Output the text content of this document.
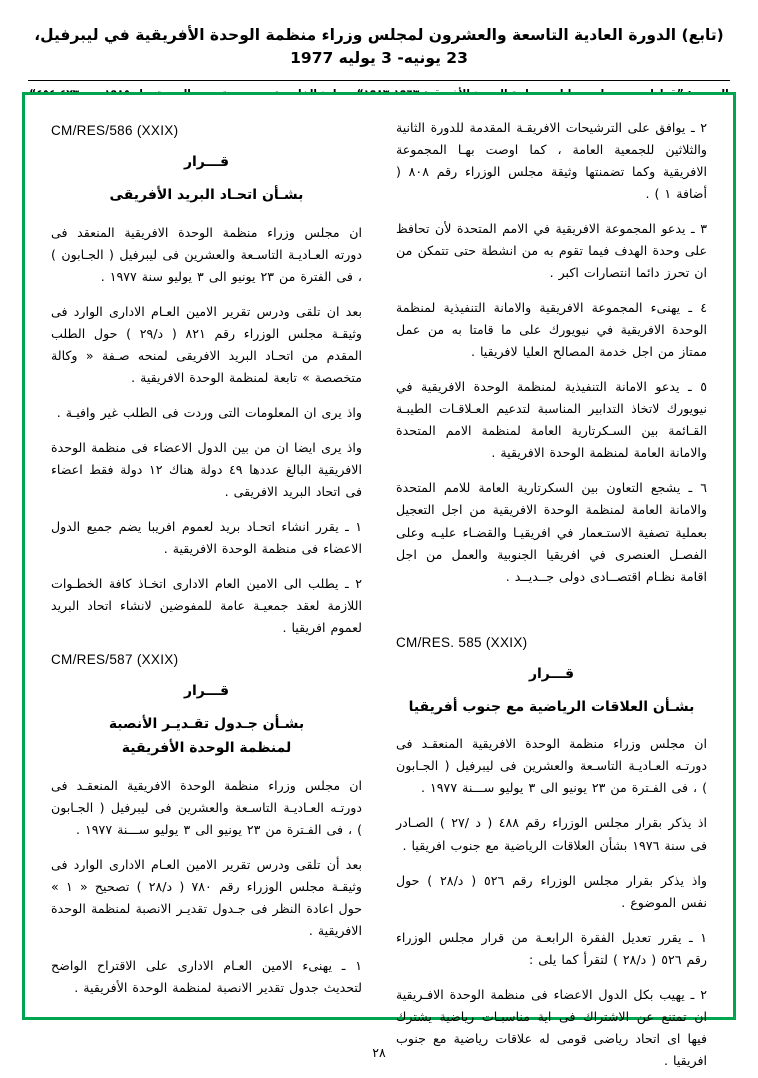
(تابع) الدورة العادية التاسعة والعشرون لمجلس وزراء منظمة الوحدة الأفريقية في ليبرفيل، 23 يونيه- 3 يوليه 1977

٢ ـ يوافق على الترشيحات الافريقـة المقدمة للدورة الثانية والثلاثين للجمعية العامة ، كما اوصت بهـا المجموعة الافريقية وكما تضمنتها وثيقة مجلس الوزراء رقم ٨٠٨ ( أضافة ١ ) .

٣ ـ يدعو المجموعة الافريقية في الامم المتحدة لأن تحافظ على وحدة الهدف فيما تقوم به من انشطة حتى تتمكن من ان تحرز دائما انتصارات اكبر .

٤ ـ يهنىء المجموعة الافريقية والامانة التنفيذية لمنظمة الوحدة الافريقية في نيويورك على ما قامتا به من عمل ممتاز من اجل خدمة المصالح العليا لافريقيا .

٥ ـ يدعو الامانة التنفيذية لمنظمة الوحدة الافريقية في نيويورك لاتخاذ التدابير المناسبة لتدعيم العـلاقـات الطيبـة القـائمة بين السـكرتارية العامة لمنظمة الامم المتحدة والامانة العامة لمنظمة الوحدة الافريقية .

٦ ـ يشجع التعاون بين السكرتارية العامة للامم المتحدة والامانة العامة لمنظمة الوحدة الافريقية من اجل التعجيل بعملية تصفية الاستـعمار في افريقيـا والقضـاء عليـه وعلى الفصـل العنصرى في افريقيا الجنوبية والعمل من اجل اقامة نظـام اقتصــادى دولى جــديــد .

CM/RES. 585 (XXIX)
قـــرار
بشـأن العلاقات الرياضية مع جنوب أفريقيا

ان مجلس وزراء منظمة الوحدة الافريقية المنعقـد فى دورتـه العـاديـة التاسـعة والعشرين فى ليبرفيل ( الجـابون ) ، فى الفـترة من ٢٣ يونيو الى ٣ يوليو ســـنة ١٩٧٧ .

اذ يذكر بقرار مجلس الوزراء رقم ٤٨٨ ( د /٢٧ ) الصـادر فى سنة ١٩٧٦ بشأن العلاقات الرياضية مع جنوب افريقيا .

واذ يذكر بقرار مجلس الوزراء رقم ٥٢٦ ( د/٢٨ ) حول نفس الموضوع .

١ ـ يقرر تعديل الفقرة الرابعـة من قرار مجلس الوزراء رقم ٥٢٦ ( د/٢٨ ) لتقرأ كما يلى :

٢ ـ يهيب بكل الدول الاعضاء فى منظمة الوحدة الافـريقية ان تمتنع عن الاشتراك فى اية مناسبـات رياضية يشترك فيها اى اتحاد رياضى قومى له علاقات رياضية مع جنوب افريقيا .

CM/RES/586 (XXIX)
قـــرار
بشـأن اتحـاد البريد الأفريقى

ان مجلس وزراء منظمة الوحدة الافريقية المنعقد فى دورته العـاديـة التاسـعة والعشرين فى ليبرفيل ( الجـابون ) ، فى الفترة من ٢٣ يونيو الى ٣ يوليو سنة ١٩٧٧ .

بعد ان تلقى ودرس تقرير الامين العـام الادارى الوارد فى وثيقـة مجلس الوزراء رقم ٨٢١ ( د/٢٩ ) حول الطلب المقدم من اتحـاد البريد الافريقى لمنحه صـفة « وكالة متخصصة » تابعة لمنظمة الوحدة الافريقية .

واذ يرى ان المعلومات التى وردت فى الطلب غير وافيـة .

واذ يرى ايضا ان من بين الدول الاعضاء فى منظمة الوحدة الافريقية البالغ عددها ٤٩ دولة هناك ١٢ دولة فقط اعضاء فى اتحاد البريد الافريقى .

١ ـ يقرر انشاء اتحـاد بريد لعموم افريبا يضم جميع الدول الاعضاء فى منظمة الوحدة الافريقية .

٢ ـ يطلب الى الامين العام الادارى اتخـاذ كافة الخطـوات اللازمة لعقد جمعيـة عامة للمفوضين لانشاء اتحاد البريد لعموم افريقيا .

CM/RES/587 (XXIX)
قـــرار
بشـأن جـدول تقـديـر الأنصبة
لمنظمة الوحدة الأفريقية

ان مجلس وزراء منظمة الوحدة الافريقية المنعقـد فى دورتـه العـاديـة التاسـعة والعشرين فى ليبرفيل ( الجـابون ) ، فى الفـترة من ٢٣ يونيو الى ٣ يوليو ســـنة ١٩٧٧ .

بعد أن تلقى ودرس تقرير الامين العـام الادارى الوارد فى وثيقـة مجلس الوزراء رقم ٧٨٠ ( د/٢٨ ) تصحيح « ١ » حول اعادة النظر فى جـدول تقديـر الانصبة لمنظمة الوحدة الافريقية .

١ ـ يهنىء الامين العـام الادارى على الاقتراح الواضح لتحديث جدول تقدير الانصبة لمنظمة الوحدة الأفريقية .

٢٨
